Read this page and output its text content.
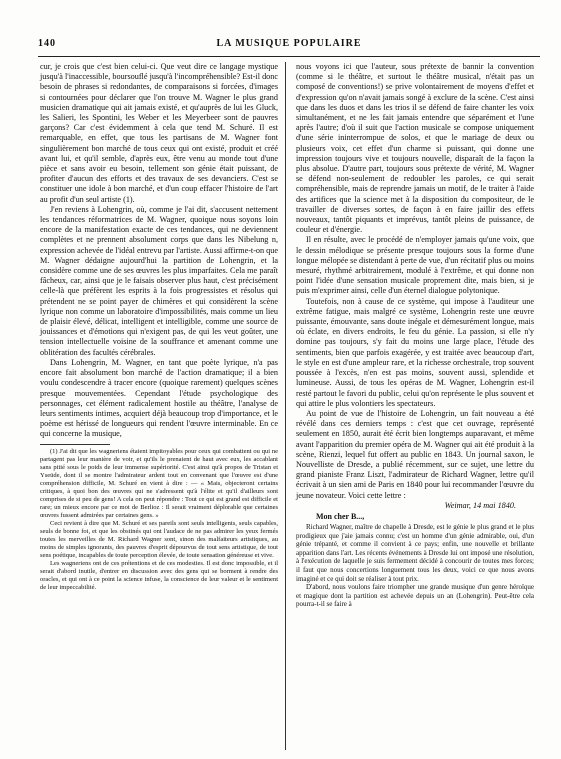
140	LA MUSIQUE POPULAIRE

cur, je crois que c'est bien celui-ci. Que veut dire ce langage mystique jusqu'à l'inaccessible, boursouflé jusqu'à l'incompréhensible? Est-il donc besoin de phrases si redondantes, de comparaisons si forcées, d'images si contournées pour déclarer que l'on trouve M. Wagner le plus grand musicien dramatique qui ait jamais existé, et qu'auprès de lui les Gluck, les Salieri, les Spontini, les Weber et les Meyerbeer sont de pauvres garçons? Car c'est évidemment à cela que tend M. Schuré. Il est remarquable, en effet, que tous les partisans de M. Wagner font singulièrement bon marché de tous ceux qui ont existé, produit et créé avant lui, et qu'il semble, d'après eux, être venu au monde tout d'une pièce et sans avoir eu besoin, tellement son génie était puissant, de profiter d'aucun des efforts et des travaux de ses devanciers. C'est se constituer une idole à bon marché, et d'un coup effacer l'histoire de l'art au profit d'un seul artiste (1).

J'en reviens à Lohengrin, où, comme je l'ai dit, s'accusent nettement les tendances réformatrices de M. Wagner, quoique nous soyons loin encore de la manifestation exacte de ces tendances, qui ne deviennent complètes et ne prennent absolument corps que dans les Nibelung n, expression achevée de l'idéal entrevu par l'artiste. Aussi affirme-t-on que M. Wagner dédaigne aujourd'hui la partition de Lohengrin, et la considère comme une de ses œuvres les plus imparfaites. Cela me paraît fâcheux, car, ainsi que je le faisais observer plus haut, c'est précisément celle-là que préfèrent les esprits à la fois progressistes et résolus qui prétendent ne se point payer de chimères et qui considèrent la scène lyrique non comme un laboratoire d'impossibilités, mais comme un lieu de plaisir élevé, délicat, intelligent et intelligible, comme une source de jouissances et d'émotions qui n'exigent pas, de qui les veut goûter, une tension intellectuelle voisine de la souffrance et amenant comme une oblitération des facultés cérébrales.

Dans Lohengrin, M. Wagner, en tant que poète lyrique, n'a pas encore fait absolument bon marché de l'action dramatique; il a bien voulu condescendre à tracer encore (quoique rarement) quelques scènes presque mouvementées. Cependant l'étude psychologique des personnages, cet élément radicalement hostile au théâtre, l'analyse de leurs sentiments intimes, acquiert déjà beaucoup trop d'importance, et le poème est hérissé de longueurs qui rendent l'œuvre interminable. En ce qui concerne la musique,

(1) J'ai dit que les wagneriens étaient impitoyables pour ceux qui combattent ou qui ne partagent pas leur manière de voir, et qu'ils le prenaient de haut avec eux, les accablant sans pitié sous le poids de leur immense supériorité. C'est ainsi qu'à propos de Tristan et Yseüde, dont il se montre l'admirateur ardent tout en convenant que l'œuvre est d'une compréhension difficile, M. Schuré en vient à dire : — « Mais, objecteront certains critiques, à quoi bon des œuvres qui ne s'adressent qu'à l'élite et qu'il d'ailleurs sont comprises de si peu de gens! A cela on peut répondre : Tout ce qui est grand est difficile et rare; un mieux encore par ce mot de Berlioz : Il serait vraiment déplorable que certaines œuvres fussent admirées par certaines gens. »

Ceci revient à dire que M. Schuré et ses pareils sont seuls intelligents, seuls capables, seuls de bonne foi, et que les obstinés qui ont l'audace de ne pas admirer les yeux fermés toutes les merveilles de M. Richard Wagner sont, sinon des malfaiteurs artistiques, au moins de simples ignorants, des pauvres d'esprit dépourvus de tout sens artistique, de tout sens poétique, incapables de toute perception élevée, de toute sensation généreuse et vive.

Les wagneriens ont de ces prétentions et de ces modesties. Il est donc impossible, et il serait d'abord inutile, d'entrer en discussion avec des gens qui se borment à rendre des oracles, et qui ont à ce point la science infuse, la conscience de leur valeur et le sentiment de leur impeccabilité.

nous voyons ici que l'auteur, sous prétexte de bannir la convention (comme si le théâtre, et surtout le théâtre musical, n'était pas un composé de conventions!) se prive volontairement de moyens d'effet et d'expression qu'on n'avait jamais songé à exclure de la scène. C'est ainsi que dans les duos et dans les trios il se défend de faire chanter les voix simultanément, et ne les fait jamais entendre que séparément et l'une après l'autre; d'où il suit que l'action musicale se compose uniquement d'une série ininterrompue de solos, et que le mariage de deux ou plusieurs voix, cet effet d'un charme si puissant, qui donne une impression toujours vive et toujours nouvelle, disparaît de la façon la plus absolue. D'autre part, toujours sous prétexte de vérité, M. Wagner se défend non-seulement de redoubler les paroles, ce qui serait compréhensible, mais de reprendre jamais un motif, de le traiter à l'aide des artifices que la science met à la disposition du compositeur, de le travailler de diverses sortes, de façon à en faire jaillir des effets nouveaux, tantôt piquants et imprévus, tantôt pleins de puissance, de couleur et d'énergie.

Il en résulte, avec le procédé de n'employer jamais qu'une voix, que le dessin mélodique se présente presque toujours sous la forme d'une longue mélopée se distendant à perte de vue, d'un récitatif plus ou moins mesuré, rhythmé arbitrairement, modulé à l'extrême, et qui donne non point l'idée d'une sensation musicale proprement dite, mais bien, si je puis m'exprimer ainsi, celle d'un éternel dialogue polytonique.

Toutefois, non à cause de ce système, qui impose à l'auditeur une extrême fatigue, mais malgré ce système, Lohengrin reste une œuvre puissante, émouvante, sans doute inégale et démesurément longue, mais où éclate, en divers endroits, le feu du génie. La passion, si elle n'y domine pas toujours, s'y fait du moins une large place, l'étude des sentiments, bien que parfois exagérée, y est traitée avec beaucoup d'art, le style en est d'une ampleur rare, et la richesse orchestrale, trop souvent poussée à l'excès, n'en est pas moins, souvent aussi, splendide et lumineuse. Aussi, de tous les opéras de M. Wagner, Lohengrin est-il resté partout le favori du public, celui qu'on représente le plus souvent et qui attire le plus volontiers les spectateurs.

Au point de vue de l'histoire de Lohengrin, un fait nouveau a été révélé dans ces derniers temps : c'est que cet ouvrage, représenté seulement en 1850, aurait été écrit bien longtemps auparavant, et même avant l'apparition du premier opéra de M. Wagner qui ait été produit à la scène, Rienzi, lequel fut offert au public en 1843. Un journal saxon, le Nouvelliste de Dresde, a publié récemment, sur ce sujet, une lettre du grand pianiste Franz Liszt, l'admirateur de Richard Wagner, lettre qu'il écrivait à un sien ami de Paris en 1840 pour lui recommander l'œuvre du jeune novateur. Voici cette lettre :

Weimar, 14 mai 1840.
Mon cher B...,

Richard Wagner, maître de chapelle à Dresde, est le génie le plus grand et le plus prodigieux que j'aie jamais connu; c'est un homme d'un génie admirable, oui, d'un génie trépanté, et comme il convient à ce pays; enfin, une nouvelle et brillante apparition dans l'art. Les récents événements à Dresde lui ont imposé une résolution, à l'exécution de laquelle je suis fermement décidé à concourir de toutes mes forces; il faut que nous concertions longuement tous les deux, voici ce que nous avons imaginé et ce qui doit se réaliser à tout prix.

D'abord, nous voulons faire triompher une grande musique d'un genre héroïque et magique dont la partition est achevée depuis un an (Lohengrin). Peut-être cela pourra-t-il se faire à
